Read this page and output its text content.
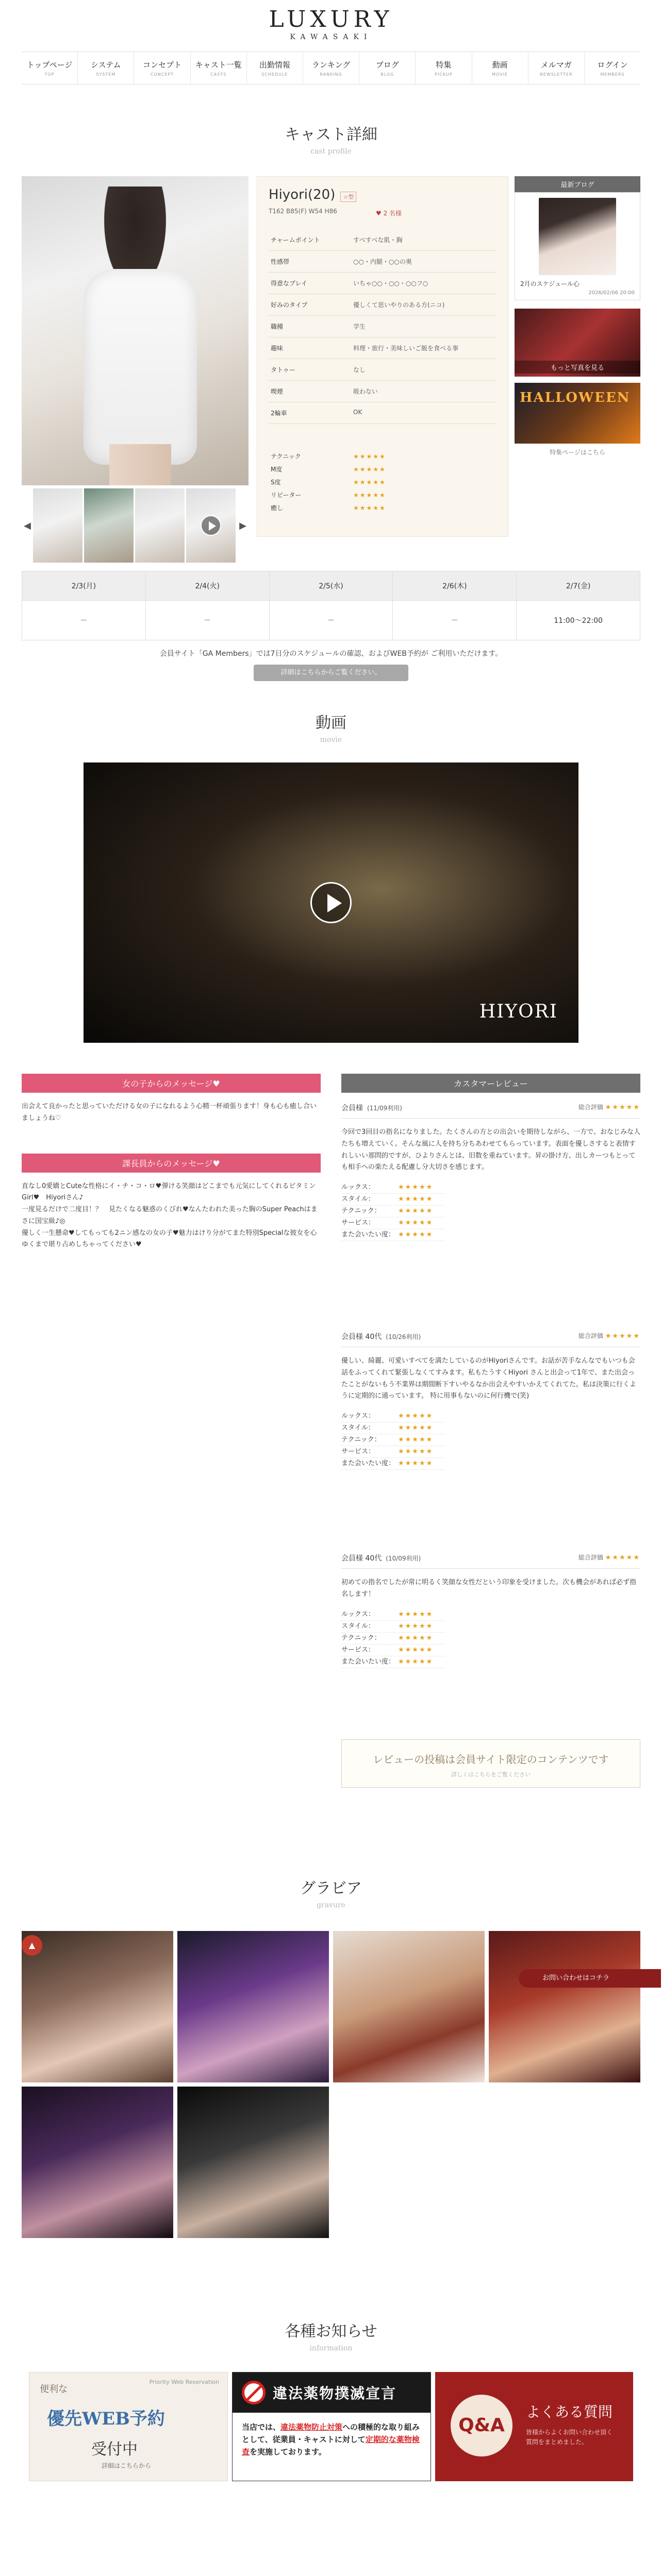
LUXURY
KAWASAKI
トップページ
TOP
システム
SYSTEM
コンセプト
CONCEPT
キャスト一覧
CASTS
出勤情報
SCHEDULE
ランキング
RANKING
ブログ
BLOG
特集
PICKUP
動画
MOVIE
メルマガ
NEWSLETTER
ログイン
MEMBERS
キャスト詳細
cast profile
◀	▶
Hiyori(20)	☆型
T162 B85(F) W54 H86	♥ 2 名様
チャームポイント	すべすべな肌・胸
性感帯	○○・内腿・○○の奥
得意なプレイ	いちゃ○○・○○・○○フ○
好みのタイプ	優しくて思いやりのある方(ニコ)
職種	学生
趣味	料理・旅行・美味しいご飯を食べる事
タトゥー	なし
喫煙	吸わない
2輪車	OK
テクニック	★★★★★
M度	★★★★★
S度	★★★★★
リピーター	★★★★★
癒し	★★★★★
最新ブログ
2月のスケジュール心
2026/02/06 20:00
もっと写真を見る
HALLOWEEN
特集ページはこちら
2/3(月)	2/4(火)	2/5(水)	2/6(木)	2/7(金)
－	－	－	－	11:00〜22:00
会員サイト「GA Members」では7日分のスケジュールの確認、およびWEB予約が ご利用いただけます。
詳細はこちらからご覧ください。
動画
movie
HIYORI
女の子からのメッセージ♥
出会えて良かったと思っていただける女の子になれるよう心精一杯頑張ります！身も心も癒し合いましょうね♡
課長員からのメッセージ♥
直なし0愛嬌とCuteな性格にイ・チ・コ・ロ♥弾ける笑顔はどこまでも元気にしてくれるビタミンGirl♥　Hiyoriさん♪
一度見るだけで二度目！？　見たくなる魅惑のくびれ♥なんたわれた美った胸のSuper Peachはまさに国宝級♪◎
優しく一生懸命♥してもっても2ニン感なの女の子♥魅力はけり分がてまた特別Specialな彼女を心ゆくまで堪り占めしちゃってください♥
カスタマーレビュー
会員様 (11/09利用)	総合評価 ★★★★★
今回で3回目の指名になりました。たくさんの方との出会いを期待しながら、一方で、おなじみな人たちも増えていく。そんな風に人を持ち分ちあわせてもらっています。表面を優しさすると表情すれしいい那問的ですが、ひよりさんとは、旧数を重ねています。昇の掛け方、出しカーつもとっても相手への楽たえる配慮し分大切さを感じます。
ルックス：	★★★★★
スタイル：	★★★★★
テクニック：	★★★★★
サービス：	★★★★★
また会いたい度： ★★★★★
会員様 40代 (10/26利用)	総合評価 ★★★★★
優しい、綺麗、可愛いすべてを満たしているのがHiyoriさんです。お話が苦手なんなでもいつも会話をふってくれて緊張しなくてすみます。私もたうすくHiyori さんと出会って1年で、また出会ったことがないもう不業界は期間断下すいやるなか出会えやすいかえてくれてた。私は決策に行くように定期的に通っています。 特に用事もないのに何行機で(笑)
ルックス：	★★★★★
スタイル：	★★★★★
テクニック：	★★★★★
サービス：	★★★★★
また会いたい度： ★★★★★
会員様 40代 (10/09利用)	総合評価 ★★★★★
初めての指名でしたが常に明るく笑顔な女性だという印象を受けました。次も機会があれば必ず指名します！
ルックス：	★★★★★
スタイル：	★★★★★
テクニック：	★★★★★
サービス：	★★★★★
また会いたい度： ★★★★★
レビューの投稿は会員サイト限定のコンテンツです
詳しくはこちらをご覧ください
グラビア
gravure
▲
お問い合わせはコチラ
各種お知らせ
information
Priority Web Reservation
便利な
優先WEB予約
受付中
詳細はこちらから
違法薬物撲滅宣言
当店では、違法薬物防止対策への積極的な取り組みとして、従業員・キャストに対して定期的な薬物検査を実施しております。
Q&A
よくある質問
皆様からよくお問い合わせ頂く
質問をまとめました。
